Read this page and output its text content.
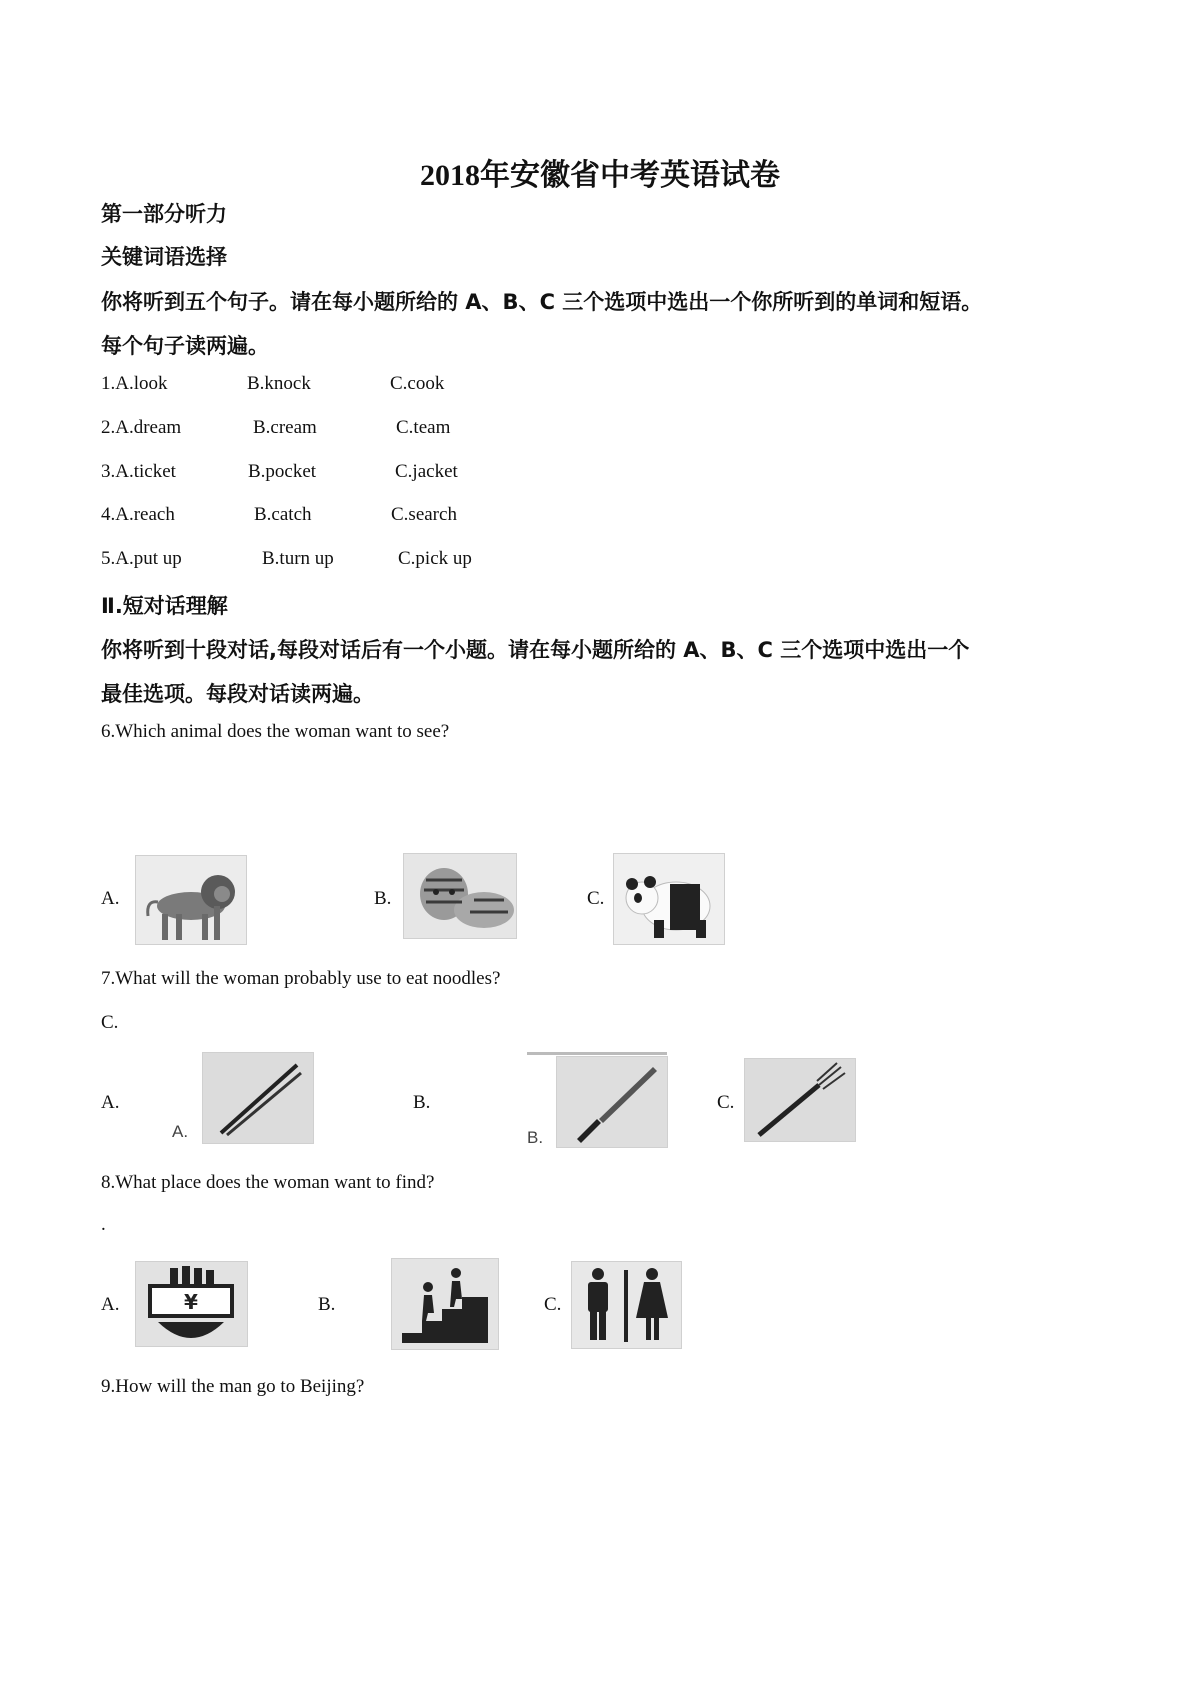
2018年安徽省中考英语试卷
第一部分听力
关键词语选择
你将听到五个句子。请在每小题所给的 A、B、C 三个选项中选出一个你所听到的单词和短语。
每个句子读两遍。
1.A.look	B.knock	C.cook
2.A.dream	B.cream	C.team
3.A.ticket	B.pocket	C.jacket
4.A.reach	B.catch	C.search
5.A.put up	B.turn up	C.pick up
Ⅱ.短对话理解
你将听到十段对话,每段对话后有一个小题。请在每小题所给的 A、B、C 三个选项中选出一个
最佳选项。每段对话读两遍。
6.Which animal does the woman want to see?
A.	B.	C.
7.What will the woman probably use to eat noodles?
C.
A.
A.
B.
B.
C.
8.What place does the woman want to find?
.
A.	¥	B.	C.
9.How will the man go to Beijing?
